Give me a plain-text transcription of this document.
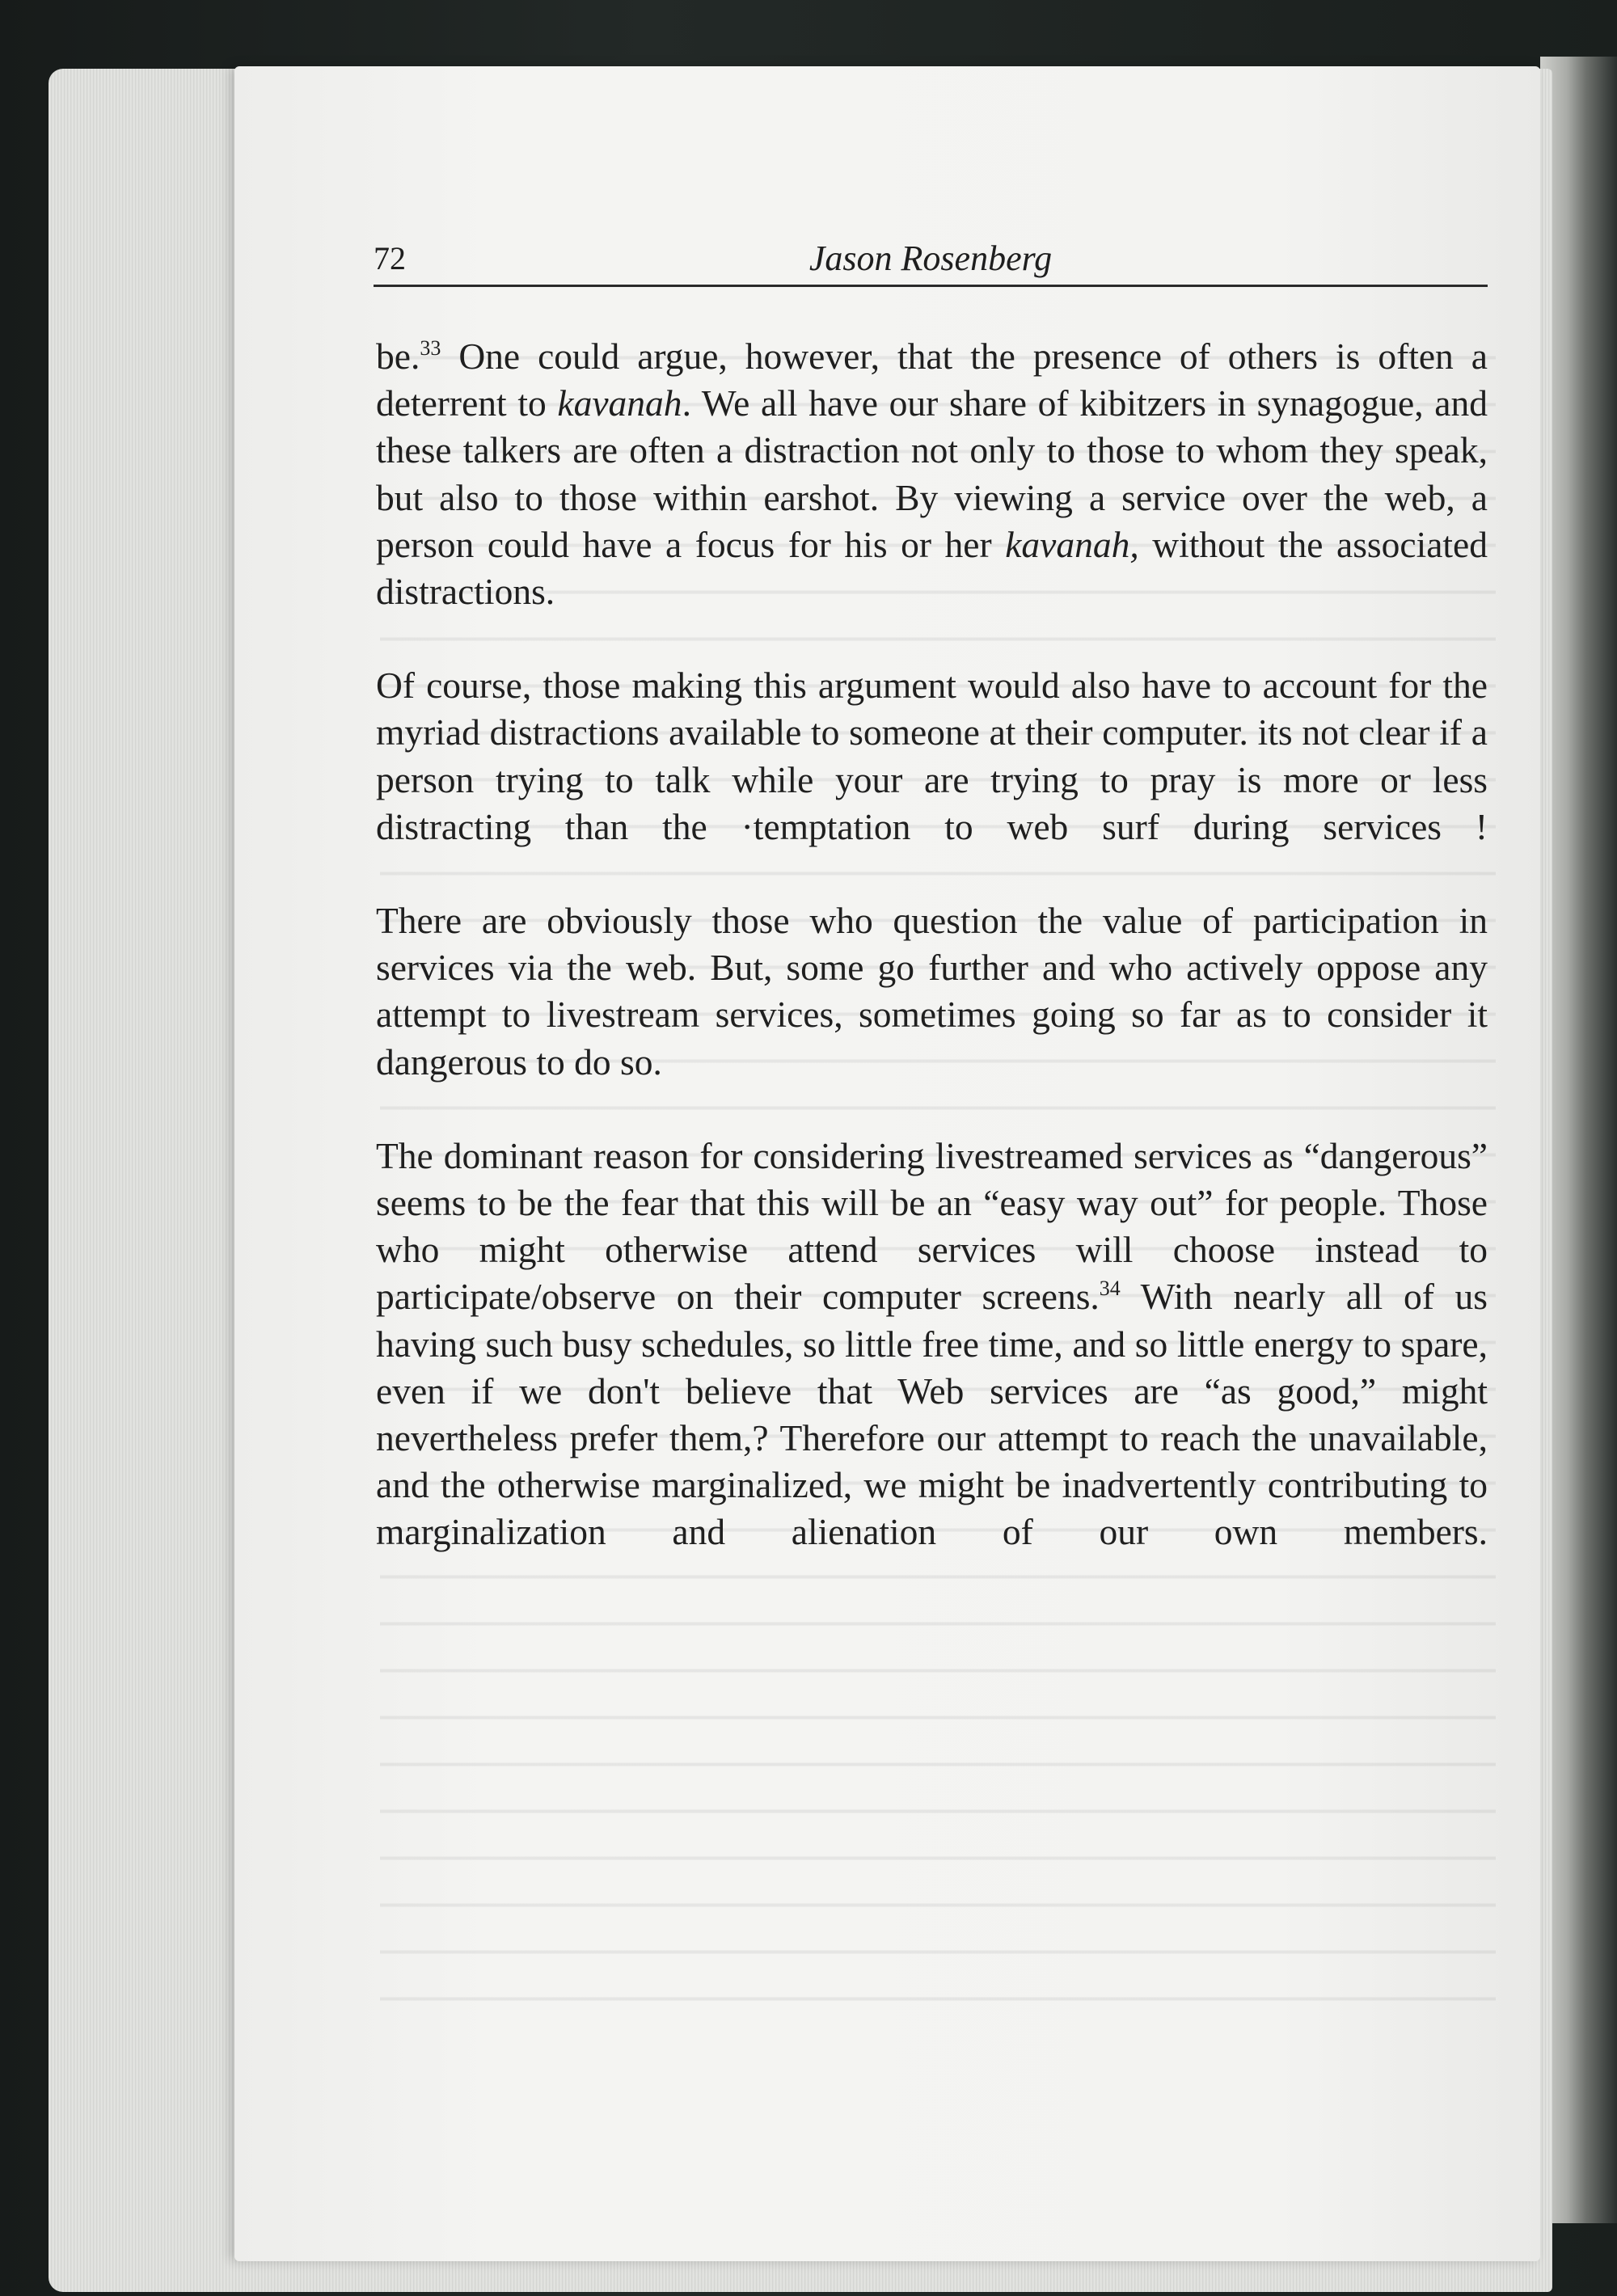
72	Jason Rosenberg

be.$^{33}$ One could argue, however, that the presence of others is often a deterrent to kavanah. We all have our share of kibitzers in synagogue, and these talkers are often a distraction not only to those to whom they speak, but also to those within earshot. By viewing a service over the web, a person could have a focus for his or her kavanah, without the associated distractions.

Of course, those making this argument would also have to account for the myriad distractions available to someone at their computer. its not clear if a person trying to talk while your are trying to pray is more or less distracting than the ·temptation to web surf during services !

There are obviously those who question the value of participation in services via the web. But, some go further and who actively oppose any attempt to livestream services, sometimes going so far as to consider it dangerous to do so.

The dominant reason for considering livestreamed services as “dangerous” seems to be the fear that this will be an “easy way out” for people. Those who might otherwise attend services will choose instead to participate/observe on their computer screens.$^{34}$ With nearly all of us having such busy schedules, so little free time, and so little energy to spare, even if we don't believe that Web services are “as good,” might nevertheless prefer them,? Therefore our attempt to reach the unavailable, and the otherwise marginalized, we might be inadvertently contributing to marginalization and alienation of our own members.
